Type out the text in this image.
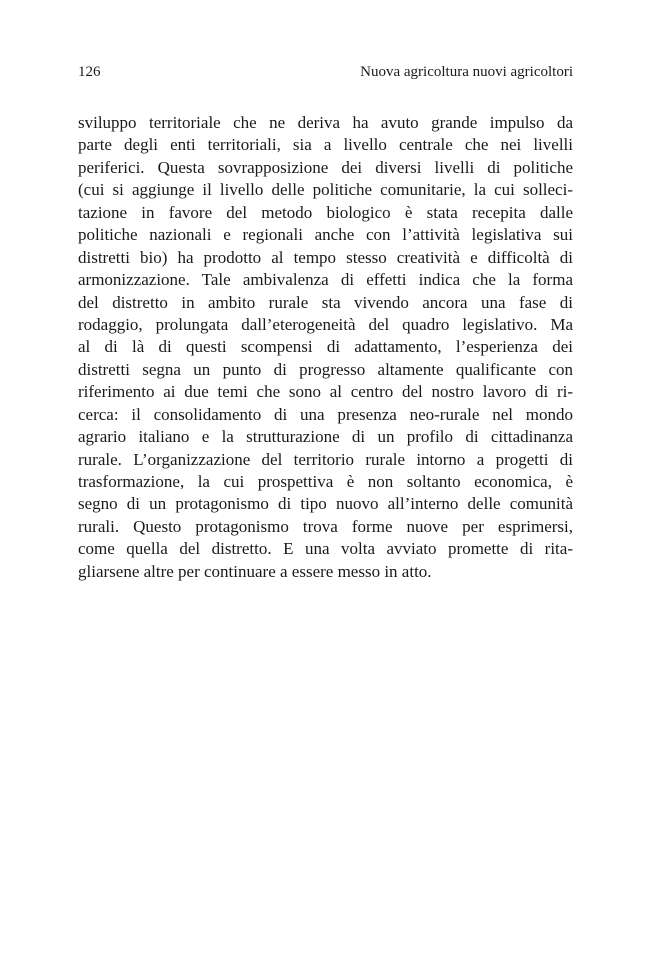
126	Nuova agricoltura nuovi agricoltori
sviluppo territoriale che ne deriva ha avuto grande impulso da
parte degli enti territoriali, sia a livello centrale che nei livelli
periferici. Questa sovrapposizione dei diversi livelli di politiche
(cui si aggiunge il livello delle politiche comunitarie, la cui solleci-
tazione in favore del metodo biologico è stata recepita dalle
politiche nazionali e regionali anche con l’attività legislativa sui
distretti bio) ha prodotto al tempo stesso creatività e difficoltà di
armonizzazione. Tale ambivalenza di effetti indica che la forma
del distretto in ambito rurale sta vivendo ancora una fase di
rodaggio, prolungata dall’eterogeneità del quadro legislativo. Ma
al di là di questi scompensi di adattamento, l’esperienza dei
distretti segna un punto di progresso altamente qualificante con
riferimento ai due temi che sono al centro del nostro lavoro di ri-
cerca: il consolidamento di una presenza neo-rurale nel mondo
agrario italiano e la strutturazione di un profilo di cittadinanza
rurale. L’organizzazione del territorio rurale intorno a progetti di
trasformazione, la cui prospettiva è non soltanto economica, è
segno di un protagonismo di tipo nuovo all’interno delle comunità
rurali. Questo protagonismo trova forme nuove per esprimersi,
come quella del distretto. E una volta avviato promette di rita-
gliarsene altre per continuare a essere messo in atto.
